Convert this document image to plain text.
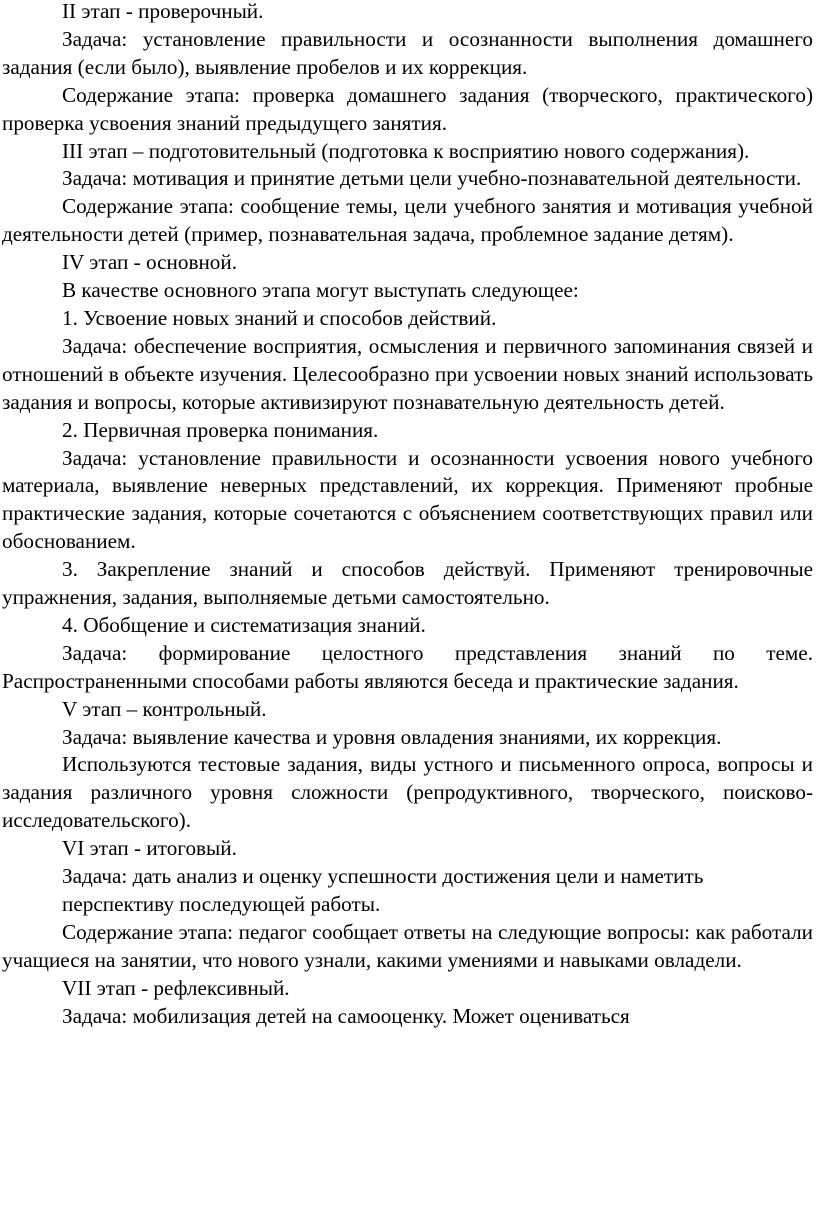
II этап - проверочный.

Задача: установление правильности и осознанности выполнения домашнего задания (если было), выявление пробелов и их коррекция.

Содержание этапа: проверка домашнего задания (творческого, практического) проверка усвоения знаний предыдущего занятия.

III этап – подготовительный (подготовка к восприятию нового содержания).

Задача: мотивация и принятие детьми цели учебно-познавательной деятельности.

Содержание этапа: сообщение темы, цели учебного занятия и мотивация учебной деятельности детей (пример, познавательная задача, проблемное задание детям).

IV этап - основной.

В качестве основного этапа могут выступать следующее:

1. Усвоение новых знаний и способов действий.

Задача: обеспечение восприятия, осмысления и первичного запоминания связей и отношений в объекте изучения. Целесообразно при усвоении новых знаний использовать задания и вопросы, которые активизируют познавательную деятельность детей.

2. Первичная проверка понимания.

Задача: установление правильности и осознанности усвоения нового учебного материала, выявление неверных представлений, их коррекция. Применяют пробные практические задания, которые сочетаются с объяснением соответствующих правил или обоснованием.

3. Закрепление знаний и способов действуй. Применяют тренировочные упражнения, задания, выполняемые детьми самостоятельно.

4. Обобщение и систематизация знаний.

Задача: формирование целостного представления знаний по теме. Распространенными способами работы являются беседа и практические задания.

V этап – контрольный.

Задача: выявление качества и уровня овладения знаниями, их коррекция.

Используются тестовые задания, виды устного и письменного опроса, вопросы и задания различного уровня сложности (репродуктивного, творческого, поисково-исследовательского).

VI этап - итоговый.

Задача: дать анализ и оценку успешности достижения цели и наметить перспективу последующей работы.

Содержание этапа: педагог сообщает ответы на следующие вопросы: как работали учащиеся на занятии, что нового узнали, какими умениями и навыками овладели.

VII этап - рефлексивный.

Задача: мобилизация детей на самооценку. Может оцениваться
